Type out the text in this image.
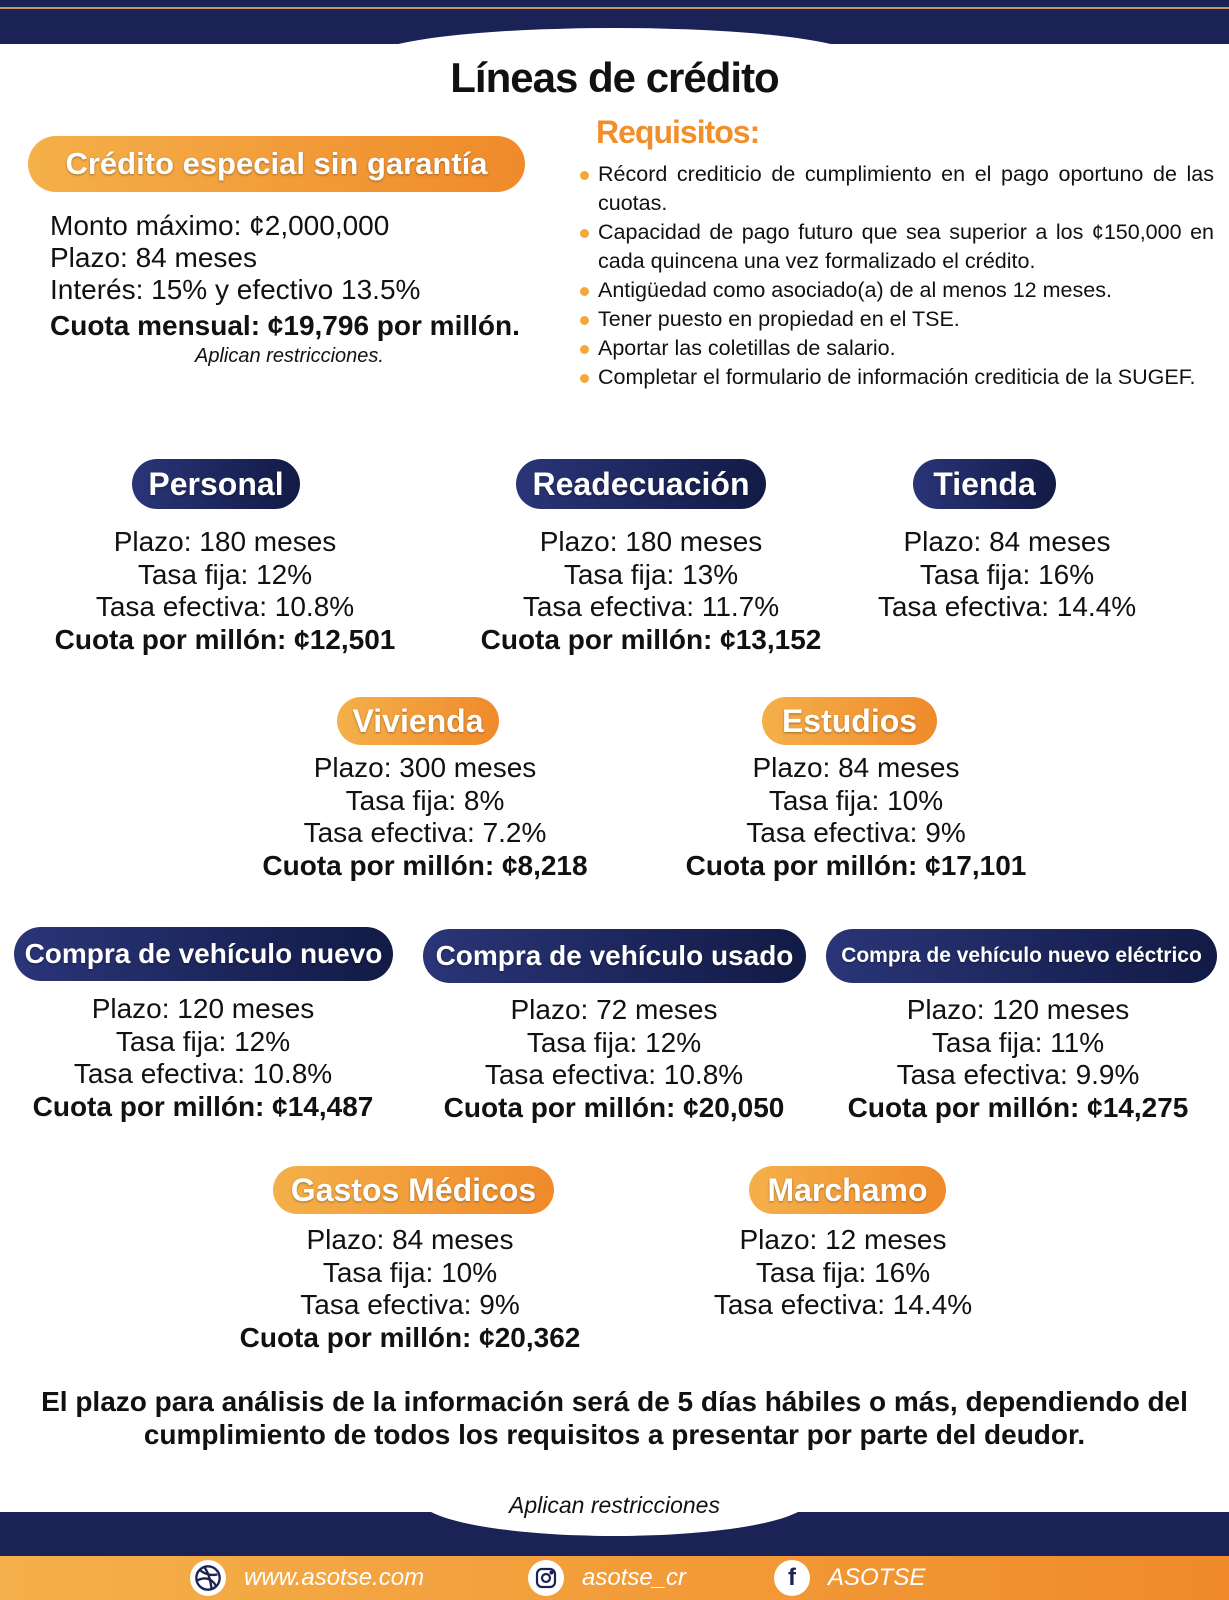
Líneas de crédito
Crédito especial sin garantía
Monto máximo: ¢2,000,000
Plazo: 84 meses
Interés: 15% y efectivo 13.5%
Cuota mensual: ¢19,796 por millón.
Aplican restricciones.
Requisitos:
Récord crediticio de cumplimiento en el pago oportuno de las cuotas.
Capacidad de pago futuro que sea superior a los ¢150,000 en cada quincena una vez formalizado el crédito.
Antigüedad como asociado(a) de al menos 12 meses.
Tener puesto en propiedad en el TSE.
Aportar las coletillas de salario.
Completar el formulario de información crediticia de la SUGEF.
Personal
Plazo: 180 meses
Tasa fija: 12%
Tasa efectiva: 10.8%
Cuota por millón: ¢12,501
Readecuación
Plazo: 180 meses
Tasa fija: 13%
Tasa efectiva: 11.7%
Cuota por millón: ¢13,152
Tienda
Plazo: 84 meses
Tasa fija: 16%
Tasa efectiva: 14.4%
Vivienda
Plazo: 300 meses
Tasa fija: 8%
Tasa efectiva: 7.2%
Cuota por millón: ¢8,218
Estudios
Plazo: 84 meses
Tasa fija: 10%
Tasa efectiva: 9%
Cuota por millón: ¢17,101
Compra de vehículo nuevo
Plazo: 120 meses
Tasa fija: 12%
Tasa efectiva: 10.8%
Cuota por millón: ¢14,487
Compra de vehículo usado
Plazo: 72 meses
Tasa fija: 12%
Tasa efectiva: 10.8%
Cuota por millón: ¢20,050
Compra de vehículo nuevo eléctrico
Plazo: 120 meses
Tasa fija: 11%
Tasa efectiva: 9.9%
Cuota por millón: ¢14,275
Gastos Médicos
Plazo: 84 meses
Tasa fija: 10%
Tasa efectiva: 9%
Cuota por millón: ¢20,362
Marchamo
Plazo: 12 meses
Tasa fija: 16%
Tasa efectiva: 14.4%
El plazo para análisis de la información será de 5 días hábiles o más, dependiendo del cumplimiento de todos los requisitos a presentar por parte del deudor.
Aplican restricciones
www.asotse.com	asotse_cr	f	ASOTSE
